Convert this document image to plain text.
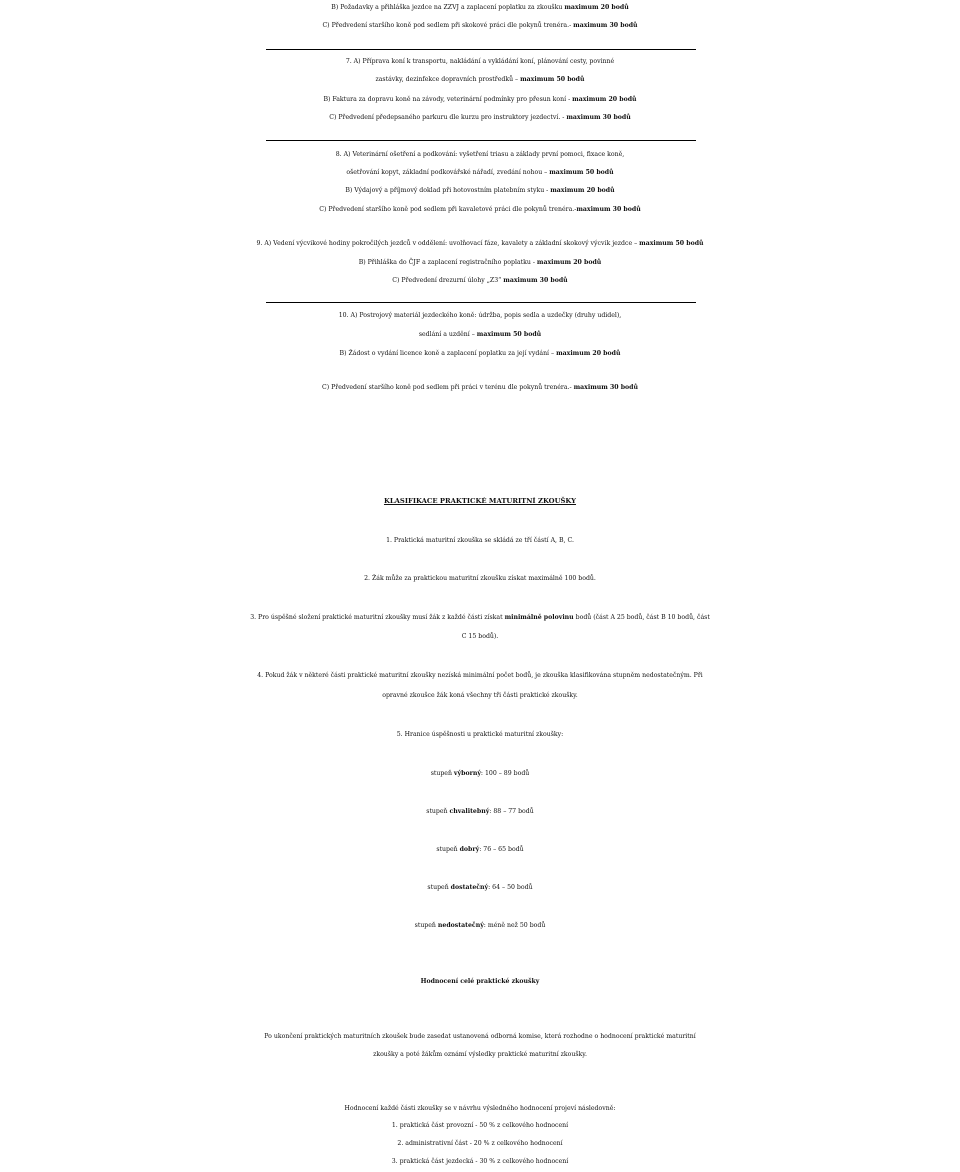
B) Požadavky a přihláška jezdce na ZZVJ a zaplacení poplatku za zkoušku maximum 20 bodů
C) Předvedení staršího koně pod sedlem při skokové práci dle pokynů trenéra.- maximum 30 bodů
7. A) Příprava koní k transportu, nakládání a vykládání koní, plánování cesty, povinné
zastávky, dezinfekce dopravních prostředků – maximum 50 bodů
B) Faktura za dopravu koně na závody, veterinární podmínky pro přesun koní - maximum 20 bodů
C) Předvedení předepsaného parkuru dle kurzu pro instruktory jezdectví. - maximum 30 bodů
8. A) Veterinární ošetření a podkování: vyšetření triasu a základy první pomoci, fixace koně,
ošetřování kopyt, základní podkovářské nářadí, zvedání nohou – maximum 50 bodů
B) Výdajový a příjmový doklad při hotovostním platebním styku - maximum 20 bodů
C) Předvedení staršího koně pod sedlem při kavaletové práci dle pokynů trenéra.-maximum 30 bodů
9. A) Vedení výcvikové hodiny pokročilých jezdců v oddělení: uvolňovací fáze, kavalety a základní skokový výcvik jezdce – maximum 50 bodů
B) Přihláška do ČJF a zaplacení registračního poplatku - maximum 20 bodů
C) Předvedení drezurní úlohy „Z3“ maximum 30 bodů
10. A) Postrojový materiál jezdeckého koně: údržba, popis sedla a uzdečky (druhy udidel),
sedlání a uzdění – maximum 50 bodů
B) Žádost o vydání licence koně a zaplacení poplatku za její vydání – maximum 20 bodů
C) Předvedení staršího koně pod sedlem při práci v terénu dle pokynů trenéra.- maximum 30 bodů
KLASIFIKACE PRAKTICKÉ MATURITNÍ ZKOUŠKY
1. Praktická maturitní zkouška se skládá ze tří částí A, B, C.
2. Žák může za praktickou maturitní zkoušku získat maximálně 100 bodů.
3. Pro úspěšné složení praktické maturitní zkoušky musí žák z každé části získat minimálně polovinu bodů (část A 25 bodů, část B 10 bodů, část
C 15 bodů).
4. Pokud žák v některé části praktické maturitní zkoušky nezíská minimální počet bodů, je zkouška klasifikována stupněm nedostatečným. Při
opravné zkoušce žák koná všechny tři části praktické zkoušky.
5. Hranice úspěšnosti u praktické maturitní zkoušky:
stupeň výborný: 100 – 89 bodů
stupeň chvalitebný: 88 – 77 bodů
stupeň dobrý: 76 – 65 bodů
stupeň dostatečný: 64 – 50 bodů
stupeň nedostatečný: méně než 50 bodů
Hodnocení celé praktické zkoušky
Po ukončení praktických maturitních zkoušek bude zasedat ustanovená odborná komise, která rozhodne o hodnocení praktické maturitní
zkoušky a poté žákům oznámí výsledky praktické maturitní zkoušky.
Hodnocení každé části zkoušky se v návrhu výsledného hodnocení projeví následovně:
1. praktická část provozní - 50 % z celkového hodnocení
2. administrativní část - 20 % z celkového hodnocení
3. praktická část jezdecká - 30 % z celkového hodnocení
